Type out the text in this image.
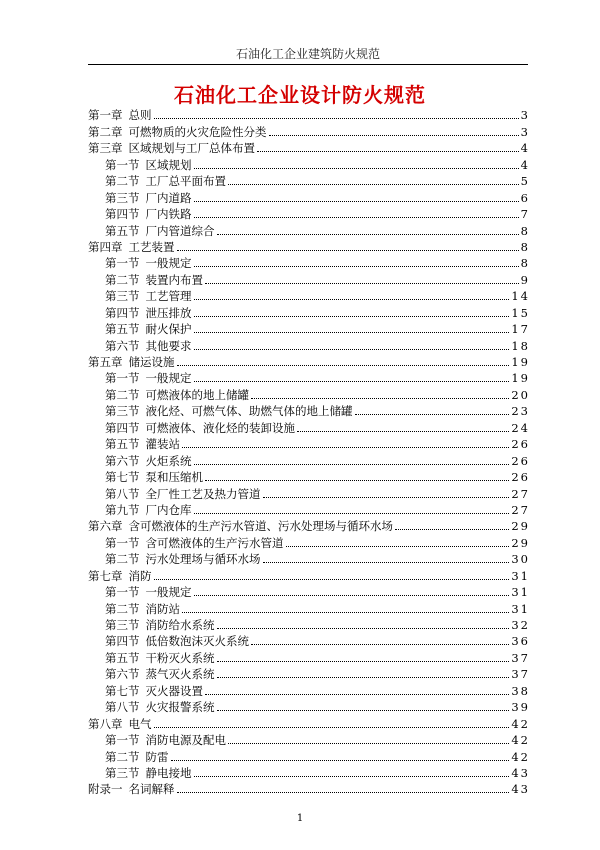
石油化工企业建筑防火规范
石油化工企业设计防火规范
第一章 总则	3
第二章 可燃物质的火灾危险性分类	3
第三章 区域规划与工厂总体布置	4
第一节 区域规划	4
第二节 工厂总平面布置	5
第三节 厂内道路	6
第四节 厂内铁路	7
第五节 厂内管道综合	8
第四章 工艺装置	8
第一节 一般规定	8
第二节 装置内布置	9
第三节 工艺管理	14
第四节 泄压排放	15
第五节 耐火保护	17
第六节 其他要求	18
第五章 储运设施	19
第一节 一般规定	19
第二节 可燃液体的地上储罐	20
第三节 液化烃、可燃气体、助燃气体的地上储罐	23
第四节 可燃液体、液化烃的装卸设施	24
第五节 灌装站	26
第六节 火炬系统	26
第七节 泵和压缩机	26
第八节 全厂性工艺及热力管道	27
第九节 厂内仓库	27
第六章 含可燃液体的生产污水管道、污水处理场与循环水场	29
第一节 含可燃液体的生产污水管道	29
第二节 污水处理场与循环水场	30
第七章 消防	31
第一节 一般规定	31
第二节 消防站	31
第三节 消防给水系统	32
第四节 低倍数泡沫灭火系统	36
第五节 干粉灭火系统	37
第六节 蒸气灭火系统	37
第七节 灭火器设置	38
第八节 火灾报警系统	39
第八章 电气	42
第一节 消防电源及配电	42
第二节 防雷	42
第三节 静电接地	43
附录一 名词解释	43
1
